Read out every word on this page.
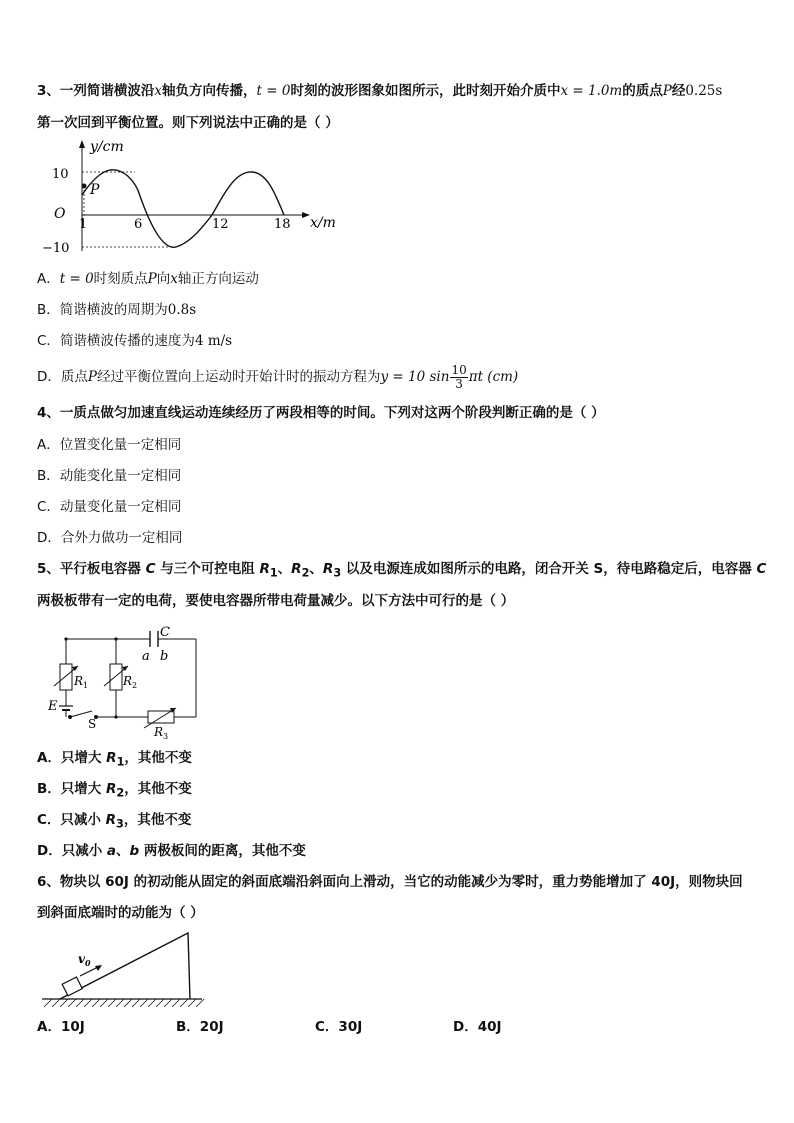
3、一列简谐横波沿x轴负方向传播，t = 0时刻的波形图象如图所示，此时刻开始介质中x = 1.0m的质点P经0.25s
第一次回到平衡位置。则下列说法中正确的是（ ）
y/cm
x/m
O
10
−10
1	6	12	18
P
A．t = 0时刻质点P向x轴正方向运动
B．简谐横波的周期为0.8s
C．简谐横波传播的速度为4 m/s
D．质点P经过平衡位置向上运动时开始计时的振动方程为y = 10 $\sin \frac{10}{3}$ πt (cm)
4、一质点做匀加速直线运动连续经历了两段相等的时间。下列对这两个阶段判断正确的是（ ）
A．位置变化量一定相同
B．动能变化量一定相同
C．动量变化量一定相同
D．合外力做功一定相同
5、平行板电容器 C 与三个可控电阻 $R_1$、$R_2$、$R_3$ 以及电源连成如图所示的电路，闭合开关 S，待电路稳定后，电容器 C
两极板带有一定的电荷，要使电容器所带电荷量减少。以下方法中可行的是（ ）
C
a b
$R_1$	$R_2$
$R_3$
E
S
A．只增大 $R_1$，其他不变
B．只增大 $R_2$，其他不变
C．只减小 $R_3$，其他不变
D．只减小 a、b 两极板间的距离，其他不变
6、物块以 60J 的初动能从固定的斜面底端沿斜面向上滑动，当它的动能减少为零时，重力势能增加了 40J，则物块回
到斜面底端时的动能为（ ）
$v_0$
A．10J	B．20J	C．30J	D．40J
